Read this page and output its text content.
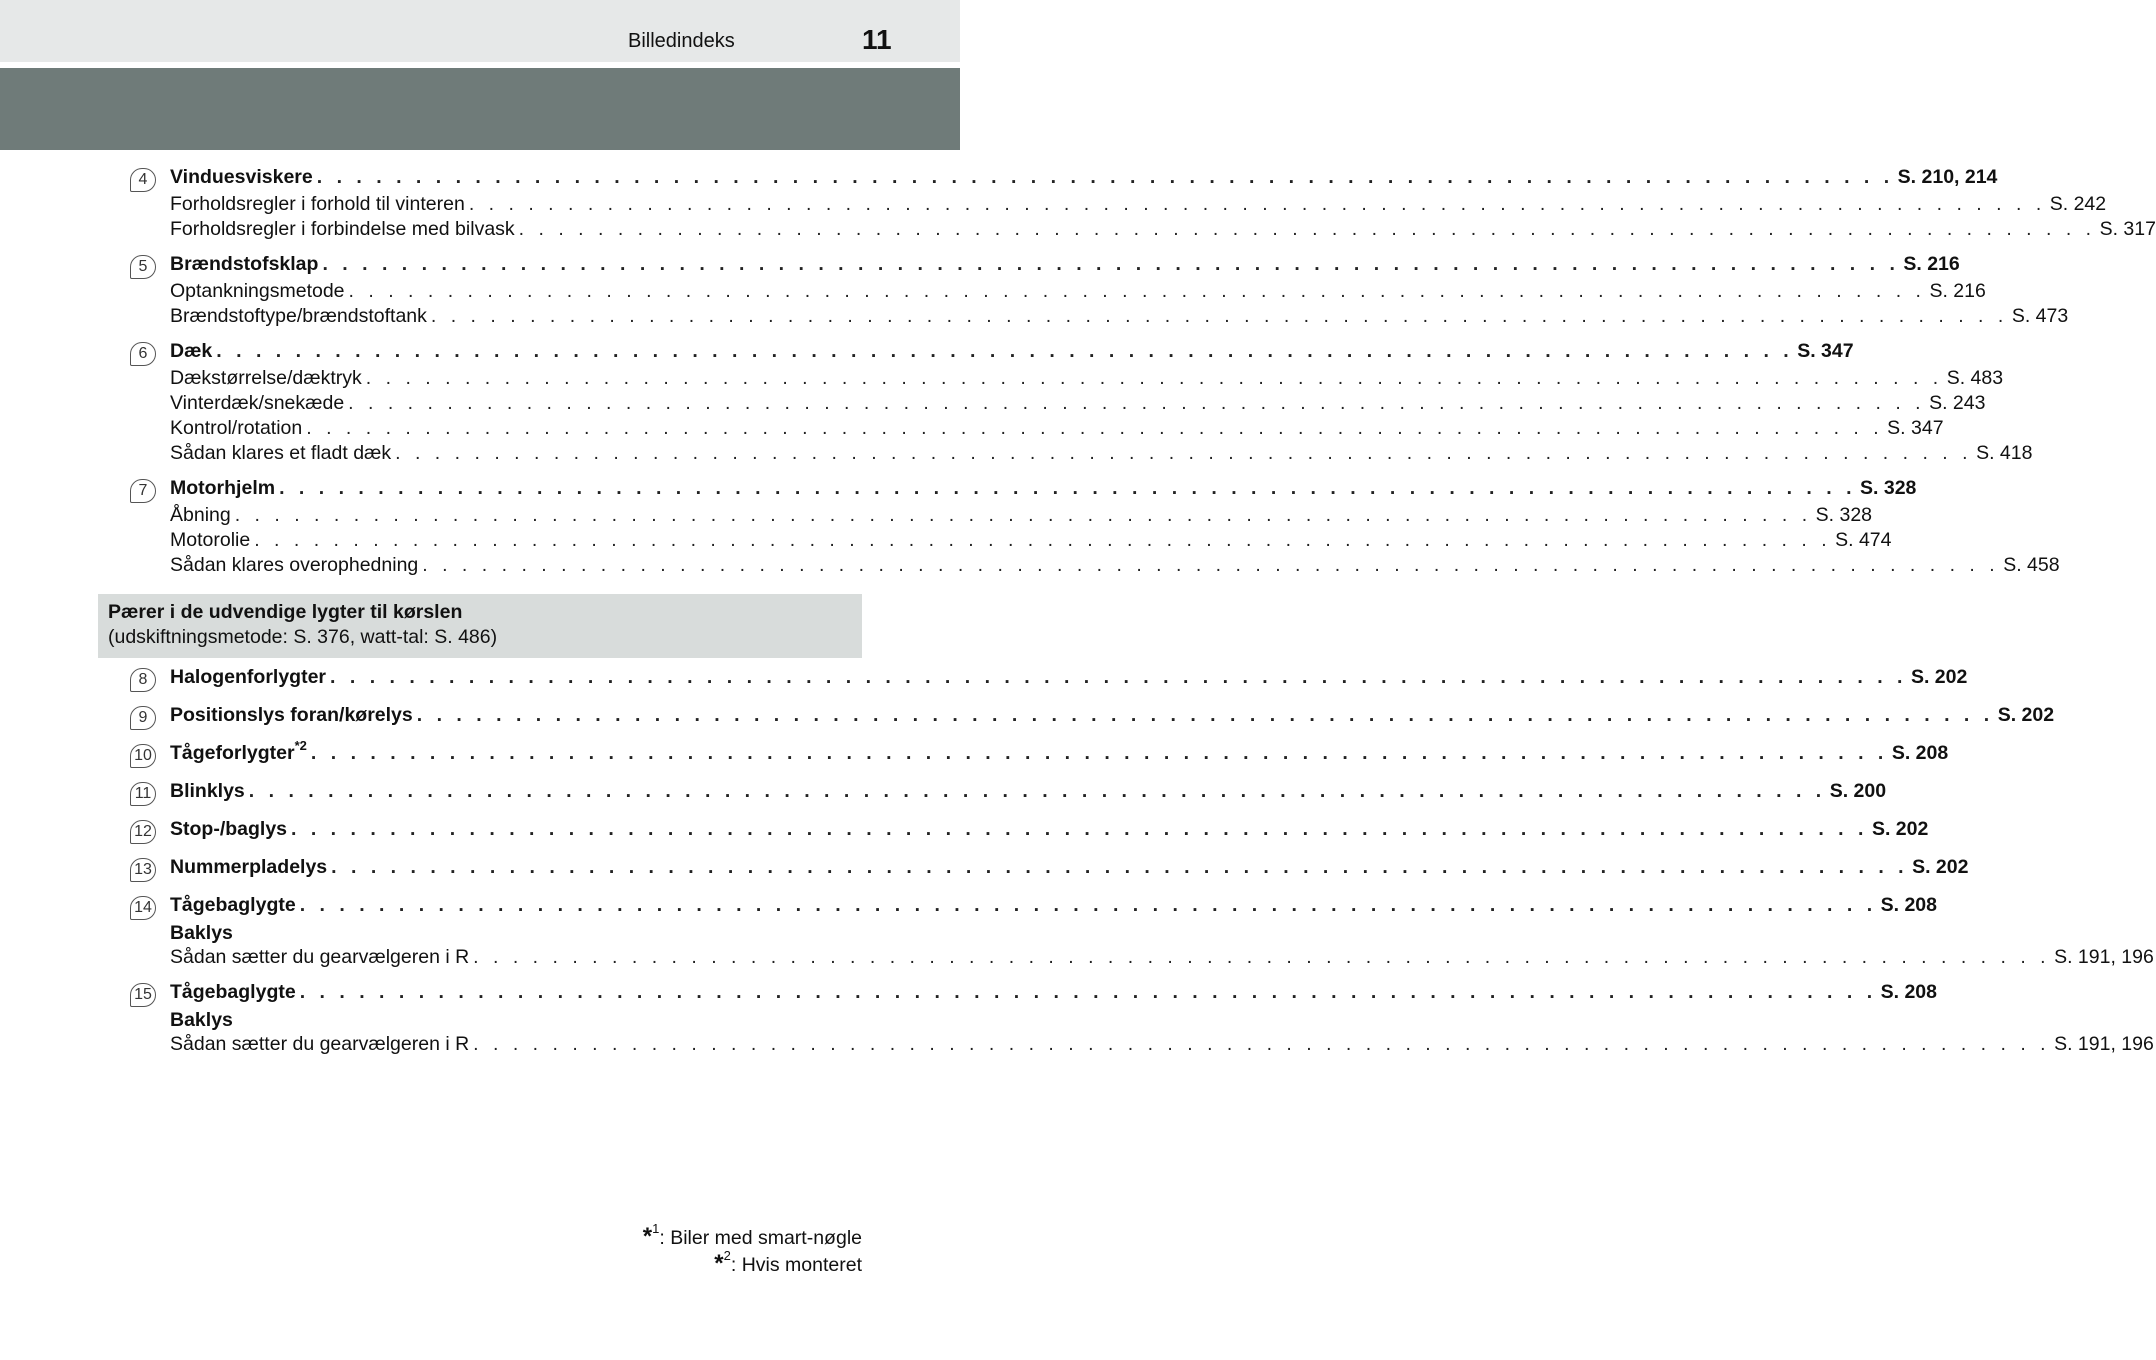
Billedindeks	11
4	Vinduesviskere . . . . . . . . . . . . . . . . . . . . . . . . . . . . . . . . . . . . . . . . . . . . . . . . . . . . . . . . . . . . . . . . . . . . . . . . . . . . . . . . S. 210, 214
Forholdsregler i forhold til vinteren . . . . . . . . . . . . . . . . . . . . . . . . . . . . . . . . . . . . . . . . . . . . . . . . . . . . . . . . . . . . . . . . . . . . . . . . . . . . . . . . S. 242
Forholdsregler i forbindelse med bilvask . . . . . . . . . . . . . . . . . . . . . . . . . . . . . . . . . . . . . . . . . . . . . . . . . . . . . . . . . . . . . . . . . . . . . . . . . . . . . . . . S. 317
5	Brændstofsklap . . . . . . . . . . . . . . . . . . . . . . . . . . . . . . . . . . . . . . . . . . . . . . . . . . . . . . . . . . . . . . . . . . . . . . . . . . . . . . . . S. 216
Optankningsmetode . . . . . . . . . . . . . . . . . . . . . . . . . . . . . . . . . . . . . . . . . . . . . . . . . . . . . . . . . . . . . . . . . . . . . . . . . . . . . . . . S. 216
Brændstoftype/brændstoftank . . . . . . . . . . . . . . . . . . . . . . . . . . . . . . . . . . . . . . . . . . . . . . . . . . . . . . . . . . . . . . . . . . . . . . . . . . . . . . . . S. 473
6	Dæk . . . . . . . . . . . . . . . . . . . . . . . . . . . . . . . . . . . . . . . . . . . . . . . . . . . . . . . . . . . . . . . . . . . . . . . . . . . . . . . . S. 347
Dækstørrelse/dæktryk . . . . . . . . . . . . . . . . . . . . . . . . . . . . . . . . . . . . . . . . . . . . . . . . . . . . . . . . . . . . . . . . . . . . . . . . . . . . . . . . S. 483
Vinterdæk/snekæde . . . . . . . . . . . . . . . . . . . . . . . . . . . . . . . . . . . . . . . . . . . . . . . . . . . . . . . . . . . . . . . . . . . . . . . . . . . . . . . . S. 243
Kontrol/rotation . . . . . . . . . . . . . . . . . . . . . . . . . . . . . . . . . . . . . . . . . . . . . . . . . . . . . . . . . . . . . . . . . . . . . . . . . . . . . . . . S. 347
Sådan klares et fladt dæk . . . . . . . . . . . . . . . . . . . . . . . . . . . . . . . . . . . . . . . . . . . . . . . . . . . . . . . . . . . . . . . . . . . . . . . . . . . . . . . . S. 418
7	Motorhjelm . . . . . . . . . . . . . . . . . . . . . . . . . . . . . . . . . . . . . . . . . . . . . . . . . . . . . . . . . . . . . . . . . . . . . . . . . . . . . . . . S. 328
Åbning . . . . . . . . . . . . . . . . . . . . . . . . . . . . . . . . . . . . . . . . . . . . . . . . . . . . . . . . . . . . . . . . . . . . . . . . . . . . . . . . S. 328
Motorolie . . . . . . . . . . . . . . . . . . . . . . . . . . . . . . . . . . . . . . . . . . . . . . . . . . . . . . . . . . . . . . . . . . . . . . . . . . . . . . . . S. 474
Sådan klares overophedning . . . . . . . . . . . . . . . . . . . . . . . . . . . . . . . . . . . . . . . . . . . . . . . . . . . . . . . . . . . . . . . . . . . . . . . . . . . . . . . . S. 458
Pærer i de udvendige lygter til kørslen
(udskiftningsmetode: S. 376, watt-tal: S. 486)
8	Halogenforlygter . . . . . . . . . . . . . . . . . . . . . . . . . . . . . . . . . . . . . . . . . . . . . . . . . . . . . . . . . . . . . . . . . . . . . . . . . . . . . . . . S. 202
9	Positionslys foran/kørelys . . . . . . . . . . . . . . . . . . . . . . . . . . . . . . . . . . . . . . . . . . . . . . . . . . . . . . . . . . . . . . . . . . . . . . . . . . . . . . . . S. 202
10 Tågeforlygter$^{*2}$ . . . . . . . . . . . . . . . . . . . . . . . . . . . . . . . . . . . . . . . . . . . . . . . . . . . . . . . . . . . . . . . . . . . . . . . . . . . . . . . . S. 208
11 Blinklys . . . . . . . . . . . . . . . . . . . . . . . . . . . . . . . . . . . . . . . . . . . . . . . . . . . . . . . . . . . . . . . . . . . . . . . . . . . . . . . . S. 200
12 Stop-/baglys . . . . . . . . . . . . . . . . . . . . . . . . . . . . . . . . . . . . . . . . . . . . . . . . . . . . . . . . . . . . . . . . . . . . . . . . . . . . . . . . S. 202
13 Nummerpladelys . . . . . . . . . . . . . . . . . . . . . . . . . . . . . . . . . . . . . . . . . . . . . . . . . . . . . . . . . . . . . . . . . . . . . . . . . . . . . . . . S. 202
14 Tågebaglygte . . . . . . . . . . . . . . . . . . . . . . . . . . . . . . . . . . . . . . . . . . . . . . . . . . . . . . . . . . . . . . . . . . . . . . . . . . . . . . . . S. 208
Baklys
Sådan sætter du gearvælgeren i R . . . . . . . . . . . . . . . . . . . . . . . . . . . . . . . . . . . . . . . . . . . . . . . . . . . . . . . . . . . . . . . . . . . . . . . . . . . . . . . . S. 191, 196
15 Tågebaglygte . . . . . . . . . . . . . . . . . . . . . . . . . . . . . . . . . . . . . . . . . . . . . . . . . . . . . . . . . . . . . . . . . . . . . . . . . . . . . . . . S. 208
Baklys
Sådan sætter du gearvælgeren i R . . . . . . . . . . . . . . . . . . . . . . . . . . . . . . . . . . . . . . . . . . . . . . . . . . . . . . . . . . . . . . . . . . . . . . . . . . . . . . . . S. 191, 196
*$^1$: Biler med smart-nøgle
*$^2$: Hvis monteret
